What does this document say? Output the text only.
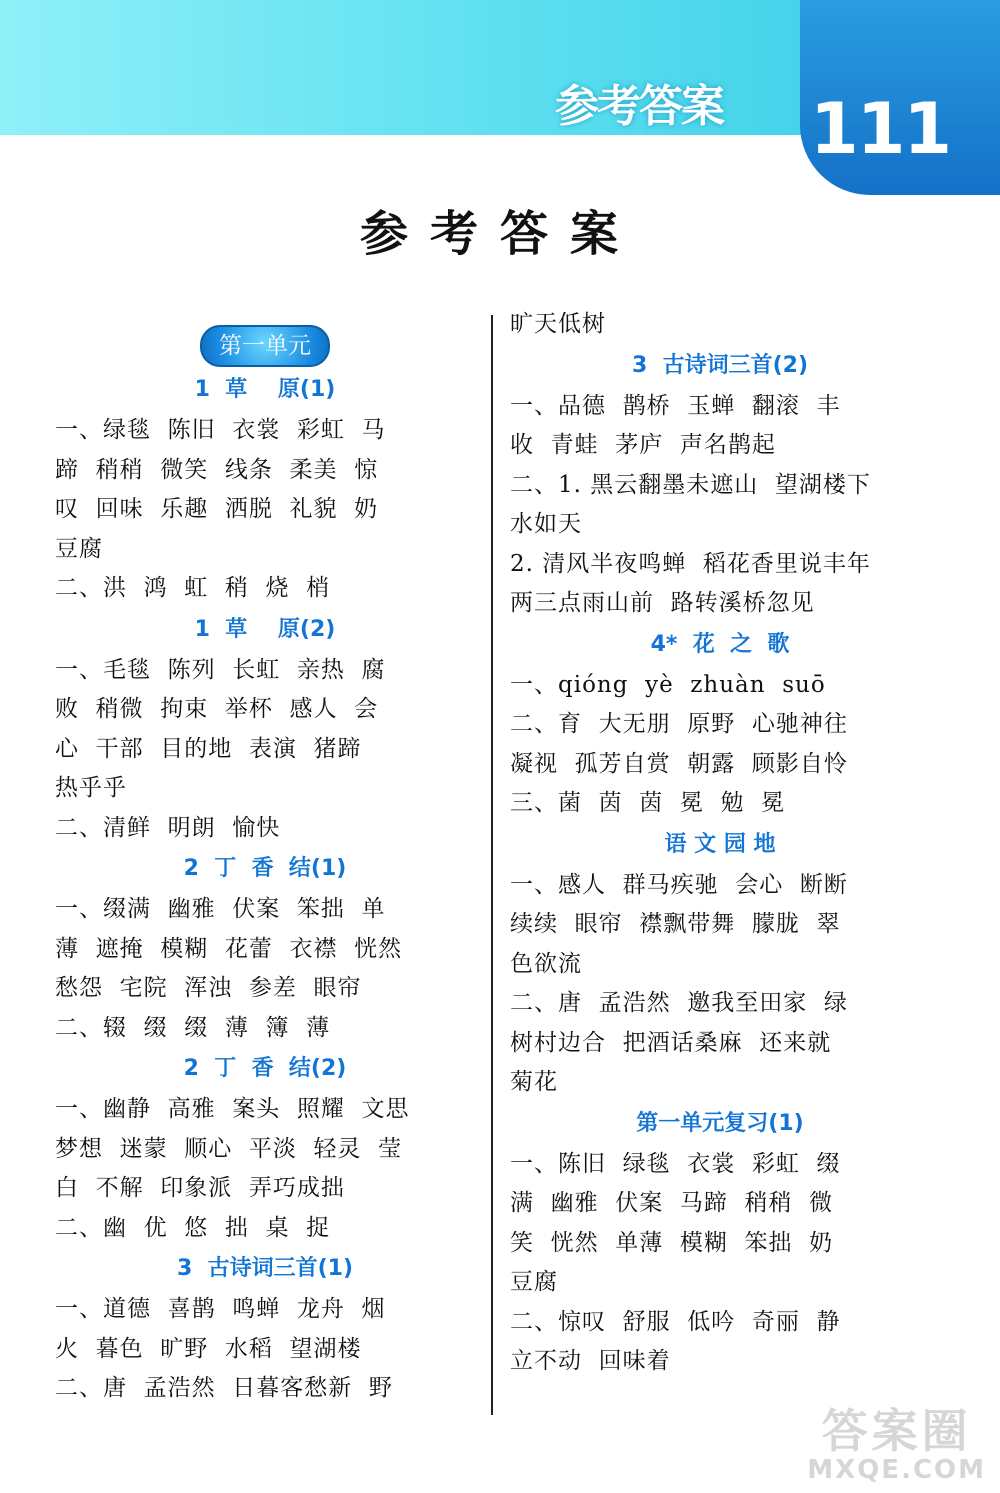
参考答案 111
参考答案
第一单元
1  草    原(1)
一、绿毯  陈旧  衣裳  彩虹  马
蹄  稍稍  微笑  线条  柔美  惊
叹  回味  乐趣  洒脱  礼貌  奶
豆腐
二、洪  鸿  虹  稍  烧  梢
1  草    原(2)
一、毛毯  陈列  长虹  亲热  腐
败  稍微  拘束  举杯  感人  会
心  干部  目的地  表演  猪蹄
热乎乎
二、清鲜  明朗  愉快
2  丁  香  结(1)
一、缀满  幽雅  伏案  笨拙  单
薄  遮掩  模糊  花蕾  衣襟  恍然
愁怨  宅院  浑浊  参差  眼帘
二、辍  缀  缀  薄  簿  薄
2  丁  香  结(2)
一、幽静  高雅  案头  照耀  文思
梦想  迷蒙  顺心  平淡  轻灵  莹
白  不解  印象派  弄巧成拙
二、幽  优  悠  拙  桌  捉
3  古诗词三首(1)
一、道德  喜鹊  鸣蝉  龙舟  烟
火  暮色  旷野  水稻  望湖楼
二、唐  孟浩然  日暮客愁新  野
旷天低树
3  古诗词三首(2)
一、品德  鹊桥  玉蝉  翻滚  丰
收  青蛙  茅庐  声名鹊起
二、1. 黑云翻墨未遮山  望湖楼下
水如天
2. 清风半夜鸣蝉  稻花香里说丰年
两三点雨山前  路转溪桥忽见
4*  花  之  歌
一、qióng  yè  zhuàn  suō
二、育  大无朋  原野  心驰神往
凝视  孤芳自赏  朝露  顾影自怜
三、菌  茵  茵  冕  勉  冕
语 文 园 地
一、感人  群马疾驰  会心  断断
续续  眼帘  襟飘带舞  朦胧  翠
色欲流
二、唐  孟浩然  邀我至田家  绿
树村边合  把酒话桑麻  还来就
菊花
第一单元复习(1)
一、陈旧  绿毯  衣裳  彩虹  缀
满  幽雅  伏案  马蹄  稍稍  微
笑  恍然  单薄  模糊  笨拙  奶
豆腐
二、惊叹  舒服  低吟  奇丽  静
立不动  回味着
答案圈
MXQE.COM
